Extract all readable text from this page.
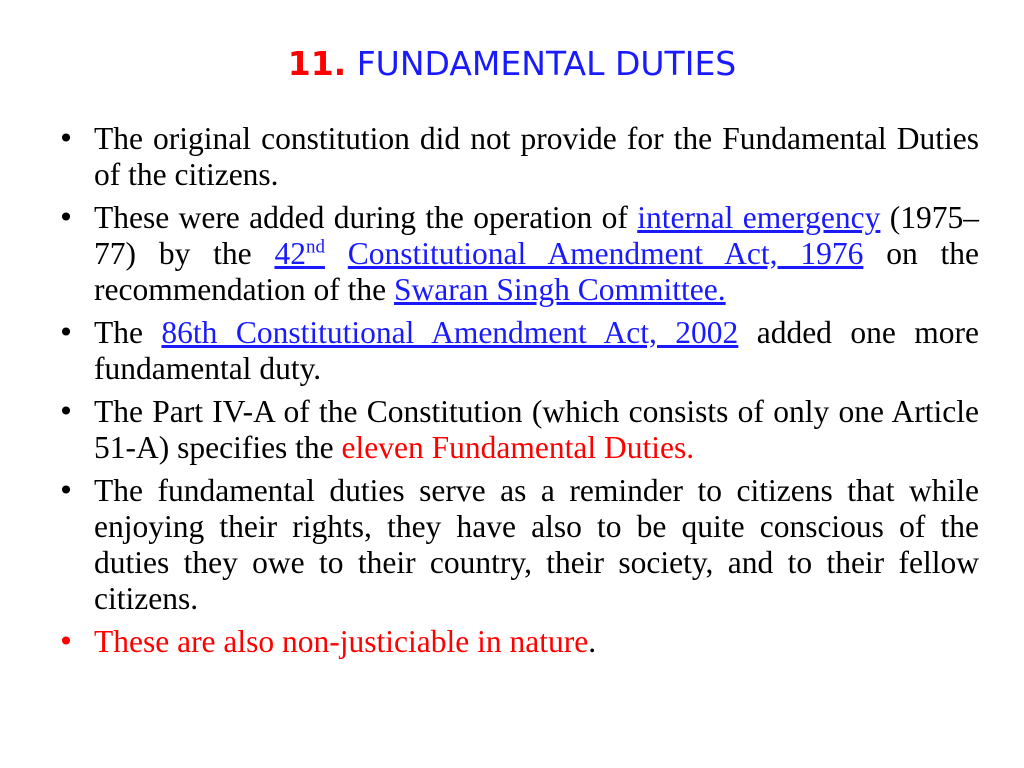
11. FUNDAMENTAL DUTIES
• The original constitution did not provide for the Fundamental Duties of the citizens.
• These were added during the operation of internal emergency (1975–77) by the 42nd Constitutional Amendment Act, 1976 on the recommendation of the Swaran Singh Committee.
• The 86th Constitutional Amendment Act, 2002 added one more fundamental duty.
• The Part IV-A of the Constitution (which consists of only one Article 51-A) specifies the eleven Fundamental Duties.
• The fundamental duties serve as a reminder to citizens that while enjoying their rights, they have also to be quite conscious of the duties they owe to their country, their society, and to their fellow citizens.
• These are also non-justiciable in nature.
